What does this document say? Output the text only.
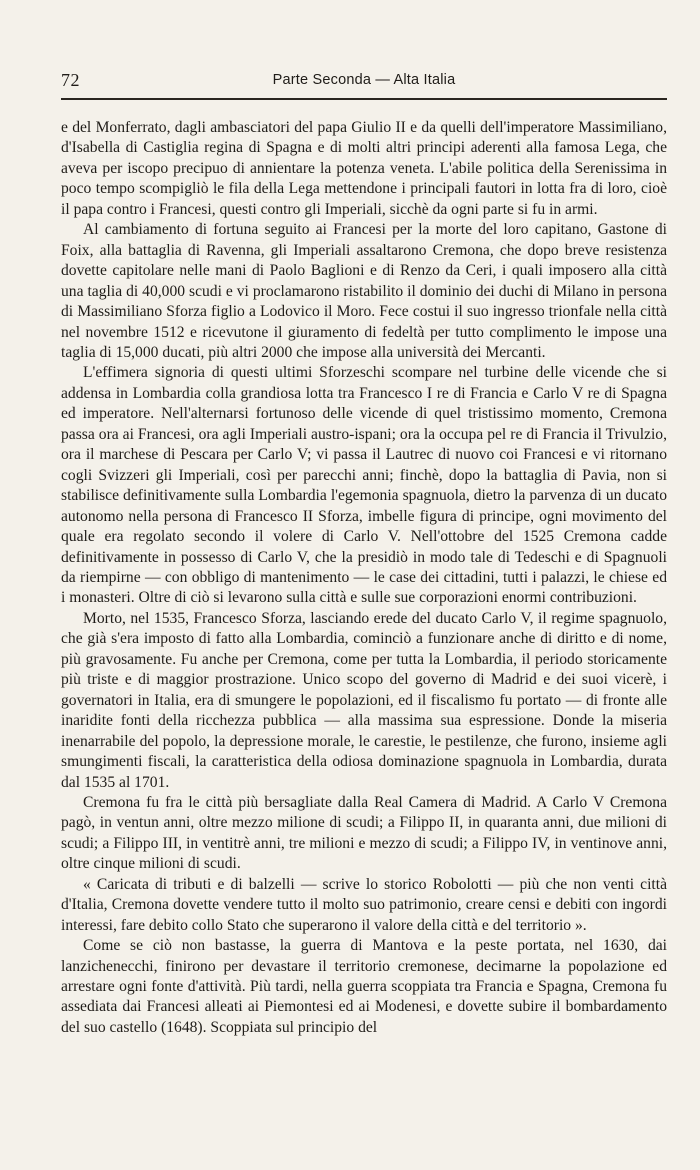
72	Parte Seconda — Alta Italia

e del Monferrato, dagli ambasciatori del papa Giulio II e da quelli dell'imperatore Massimiliano, d'Isabella di Castiglia regina di Spagna e di molti altri principi aderenti alla famosa Lega, che aveva per iscopo precipuo di annientare la potenza veneta. L'abile politica della Serenissima in poco tempo scompigliò le fila della Lega mettendone i principali fautori in lotta fra di loro, cioè il papa contro i Francesi, questi contro gli Imperiali, sicchè da ogni parte si fu in armi.

Al cambiamento di fortuna seguito ai Francesi per la morte del loro capitano, Gastone di Foix, alla battaglia di Ravenna, gli Imperiali assaltarono Cremona, che dopo breve resistenza dovette capitolare nelle mani di Paolo Baglioni e di Renzo da Ceri, i quali imposero alla città una taglia di 40,000 scudi e vi proclamarono ristabilito il dominio dei duchi di Milano in persona di Massimiliano Sforza figlio a Lodovico il Moro. Fece costui il suo ingresso trionfale nella città nel novembre 1512 e ricevutone il giuramento di fedeltà per tutto complimento le impose una taglia di 15,000 ducati, più altri 2000 che impose alla università dei Mercanti.

L'effimera signoria di questi ultimi Sforzeschi scompare nel turbine delle vicende che si addensa in Lombardia colla grandiosa lotta tra Francesco I re di Francia e Carlo V re di Spagna ed imperatore. Nell'alternarsi fortunoso delle vicende di quel tristissimo momento, Cremona passa ora ai Francesi, ora agli Imperiali austro-ispani; ora la occupa pel re di Francia il Trivulzio, ora il marchese di Pescara per Carlo V; vi passa il Lautrec di nuovo coi Francesi e vi ritornano cogli Svizzeri gli Imperiali, così per parecchi anni; finchè, dopo la battaglia di Pavia, non si stabilisce definitivamente sulla Lombardia l'egemonia spagnuola, dietro la parvenza di un ducato autonomo nella persona di Francesco II Sforza, imbelle figura di principe, ogni movimento del quale era regolato secondo il volere di Carlo V. Nell'ottobre del 1525 Cremona cadde definitivamente in possesso di Carlo V, che la presidiò in modo tale di Tedeschi e di Spagnuoli da riempirne — con obbligo di mantenimento — le case dei cittadini, tutti i palazzi, le chiese ed i monasteri. Oltre di ciò si levarono sulla città e sulle sue corporazioni enormi contribuzioni.

Morto, nel 1535, Francesco Sforza, lasciando erede del ducato Carlo V, il regime spagnuolo, che già s'era imposto di fatto alla Lombardia, cominciò a funzionare anche di diritto e di nome, più gravosamente. Fu anche per Cremona, come per tutta la Lombardia, il periodo storicamente più triste e di maggior prostrazione. Unico scopo del governo di Madrid e dei suoi vicerè, i governatori in Italia, era di smungere le popolazioni, ed il fiscalismo fu portato — di fronte alle inaridite fonti della ricchezza pubblica — alla massima sua espressione. Donde la miseria inenarrabile del popolo, la depressione morale, le carestie, le pestilenze, che furono, insieme agli smungimenti fiscali, la caratteristica della odiosa dominazione spagnuola in Lombardia, durata dal 1535 al 1701.

Cremona fu fra le città più bersagliate dalla Real Camera di Madrid. A Carlo V Cremona pagò, in ventun anni, oltre mezzo milione di scudi; a Filippo II, in quaranta anni, due milioni di scudi; a Filippo III, in ventitrè anni, tre milioni e mezzo di scudi; a Filippo IV, in ventinove anni, oltre cinque milioni di scudi.

« Caricata di tributi e di balzelli — scrive lo storico Robolotti — più che non venti città d'Italia, Cremona dovette vendere tutto il molto suo patrimonio, creare censi e debiti con ingordi interessi, fare debito collo Stato che superarono il valore della città e del territorio ».

Come se ciò non bastasse, la guerra di Mantova e la peste portata, nel 1630, dai lanzichenecchi, finirono per devastare il territorio cremonese, decimarne la popolazione ed arrestare ogni fonte d'attività. Più tardi, nella guerra scoppiata tra Francia e Spagna, Cremona fu assediata dai Francesi alleati ai Piemontesi ed ai Modenesi, e dovette subire il bombardamento del suo castello (1648). Scoppiata sul principio del
